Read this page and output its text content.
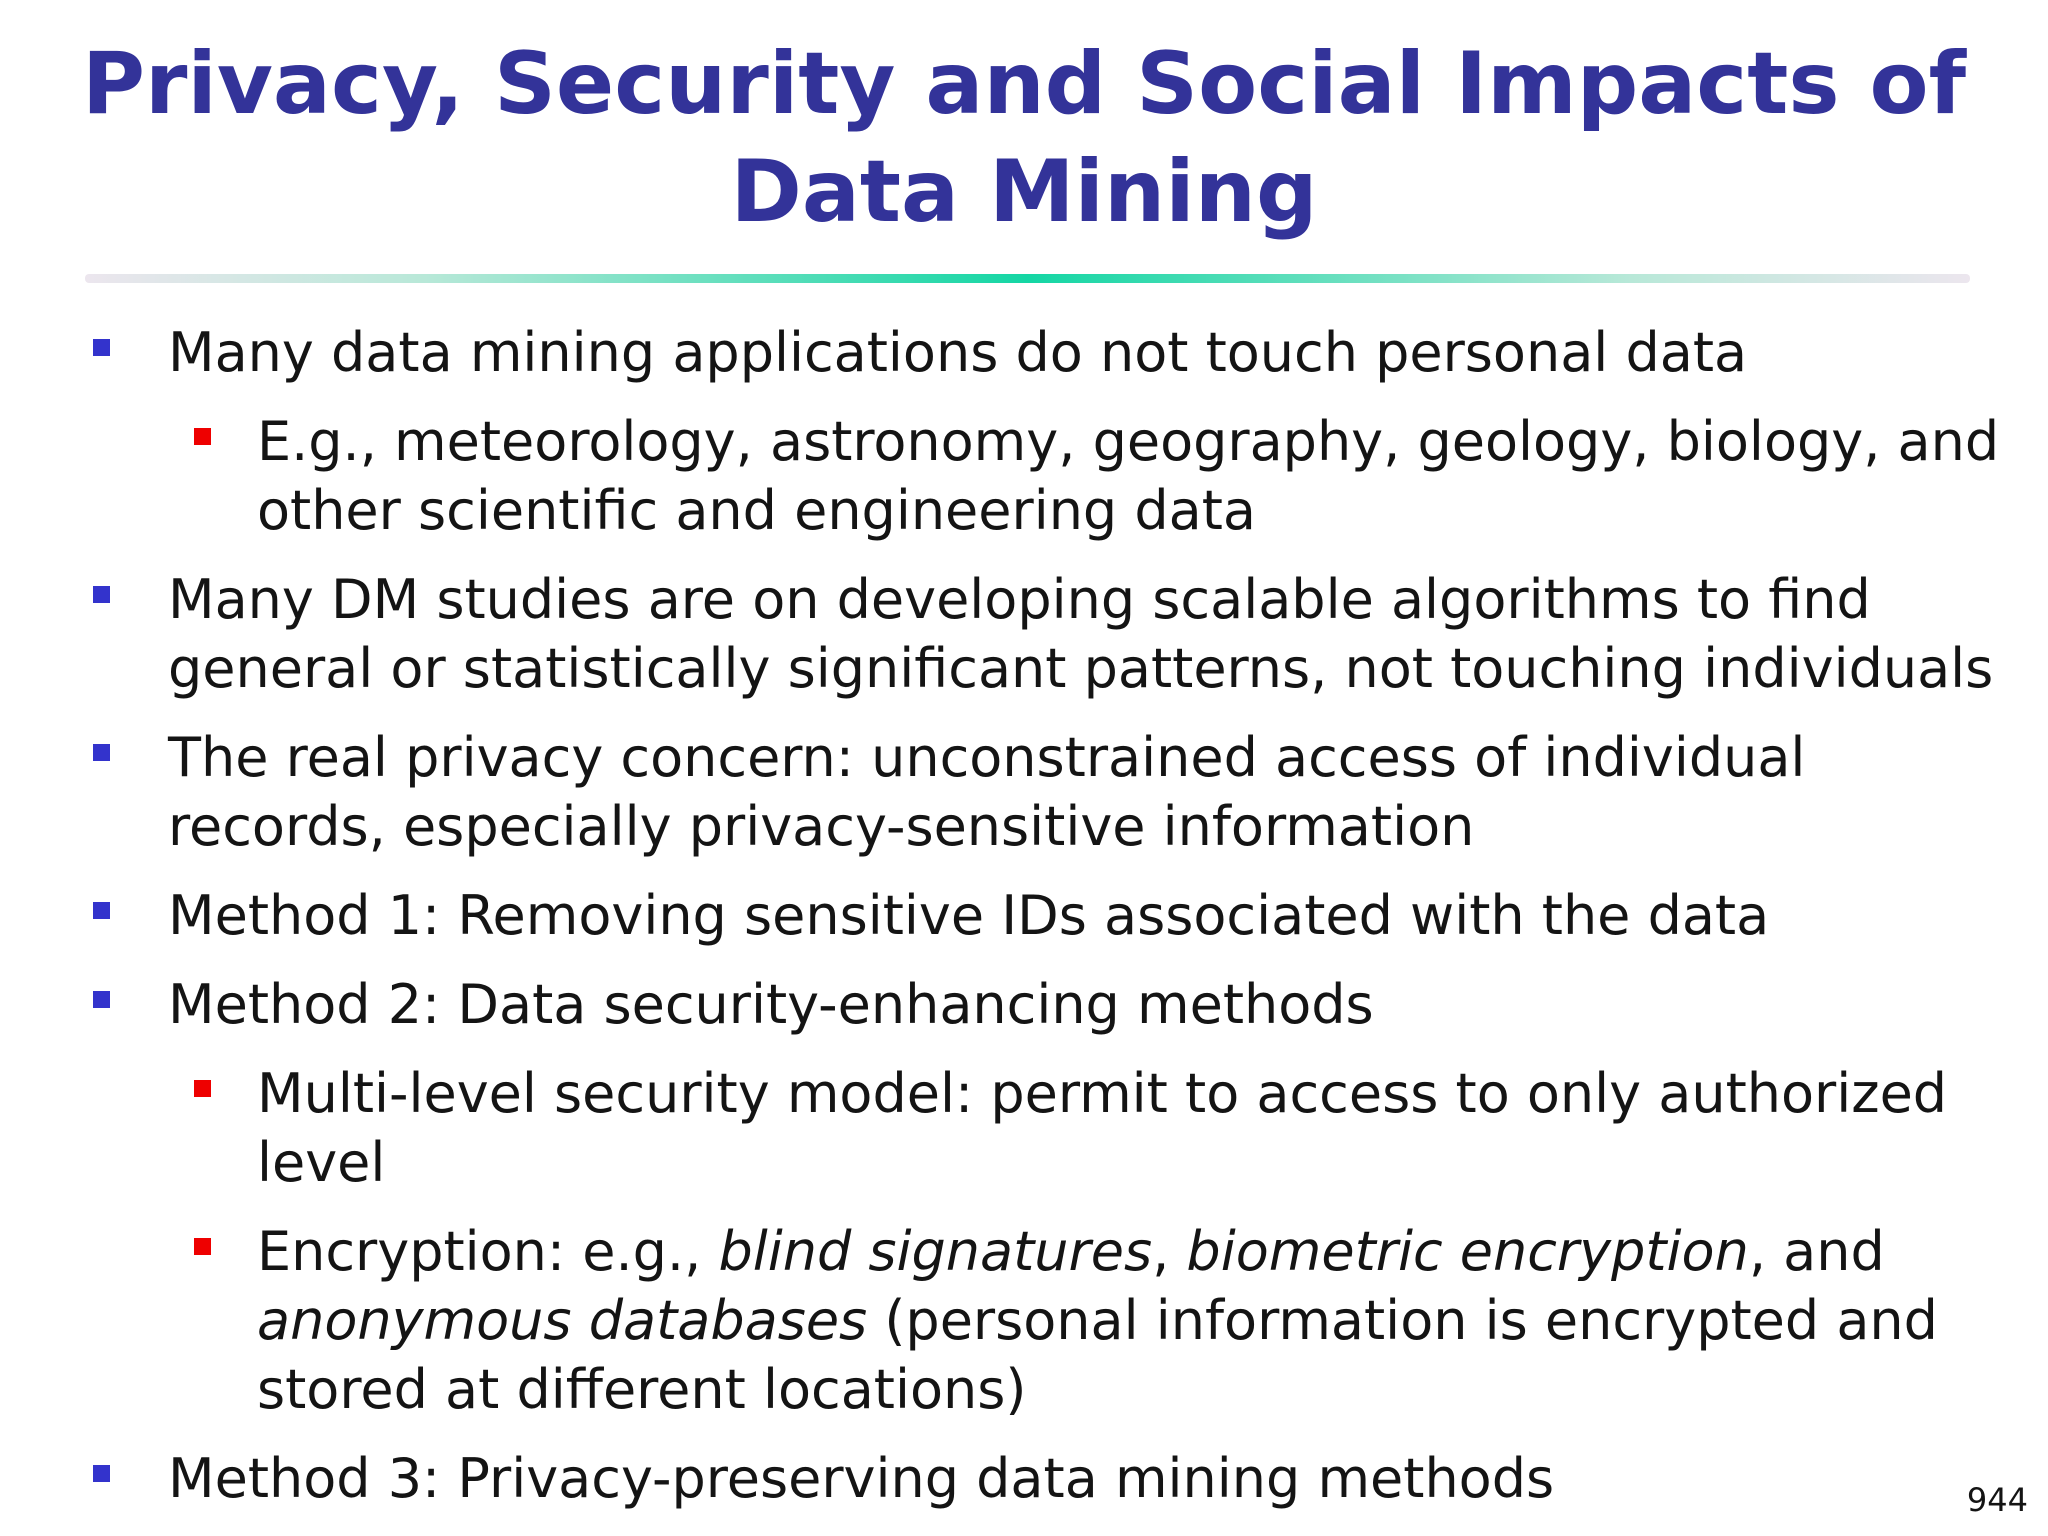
Privacy, Security and Social Impacts of Data Mining
Many data mining applications do not touch personal data
E.g., meteorology, astronomy, geography, geology, biology, and other scientific and engineering data
Many DM studies are on developing scalable algorithms to find general or statistically significant patterns, not touching individuals
The real privacy concern: unconstrained access of individual records, especially privacy-sensitive information
Method 1: Removing sensitive IDs associated with the data
Method 2: Data security-enhancing methods
Multi-level security model: permit to access to only authorized level
Encryption: e.g., blind signatures, biometric encryption, and anonymous databases (personal information is encrypted and stored at different locations)
Method 3: Privacy-preserving data mining methods	944
